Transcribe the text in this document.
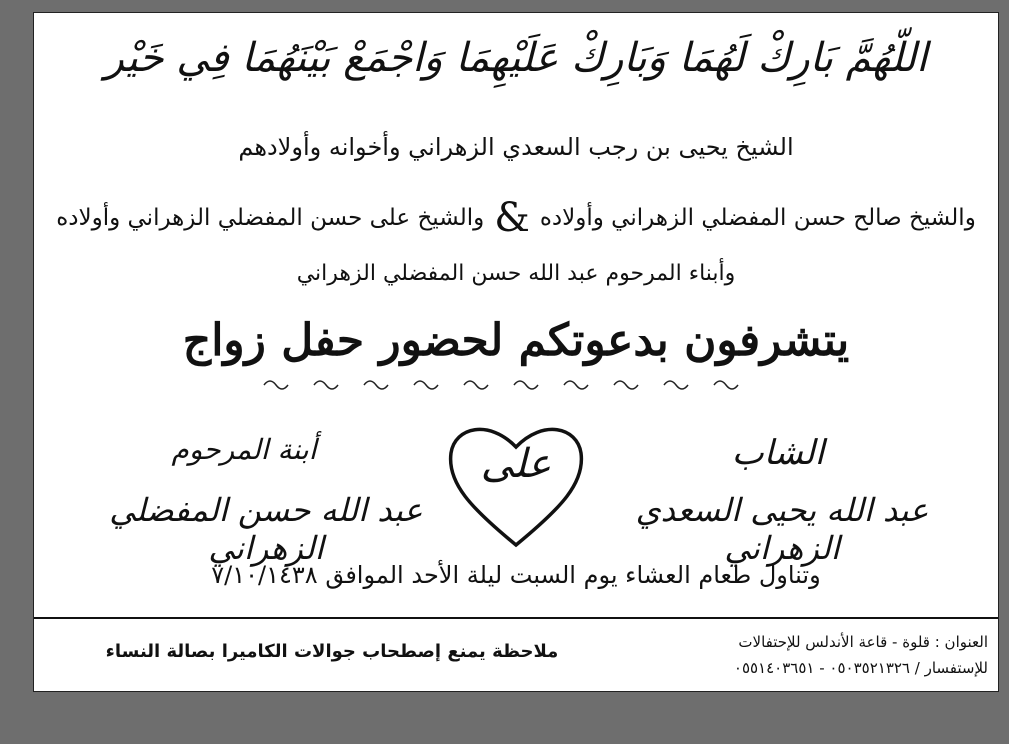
اللّهُمَّ بَارِكْ لَهُمَا وَبَارِكْ عَلَيْهِمَا وَاجْمَعْ بَيْنَهُمَا فِي خَيْر
الشيخ يحيى بن رجب السعدي الزهراني وأخوانه وأولادهم
والشيخ صالح حسن المفضلي الزهراني وأولاده&والشيخ على حسن المفضلي الزهراني وأولاده
وأبناء المرحوم عبد الله حسن المفضلي الزهراني
يتشرفون بدعوتكم لحضور حفل زواج
الشاب
عبد الله يحيى السعدي الزهراني
على
أبنة المرحوم
عبد الله حسن المفضلي الزهراني
وتناول طعام العشاء يوم السبت ليلة الأحد الموافق ٧/١٠/١٤٣٨
العنوان : قلوة - قاعة الأندلس للإحتفالات
للإستفسار / ٠٥٠٣٥٢١٣٢٦ - ٠٥٥١٤٠٣٦٥١
ملاحظة يمنع إصطحاب جوالات الكاميرا بصالة النساء
